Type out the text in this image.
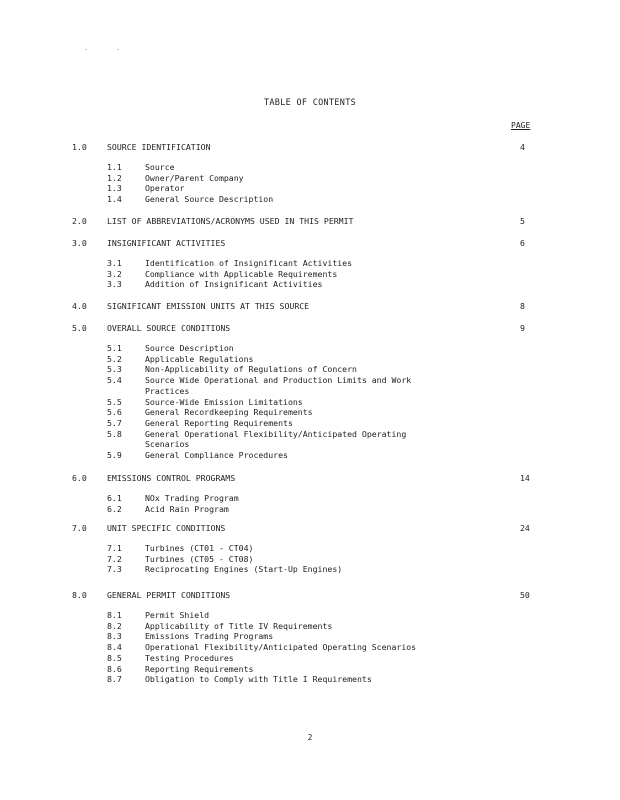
-	-
TABLE OF CONTENTS
PAGE
1.0 SOURCE IDENTIFICATION	4
1.1	Source
1.2	Owner/Parent Company
1.3	Operator
1.4	General Source Description
2.0 LIST OF ABBREVIATIONS/ACRONYMS USED IN THIS PERMIT	5
3.0 INSIGNIFICANT ACTIVITIES	6
3.1	Identification of Insignificant Activities
3.2	Compliance with Applicable Requirements
3.3	Addition of Insignificant Activities
4.0 SIGNIFICANT EMISSION UNITS AT THIS SOURCE	8
5.0 OVERALL SOURCE CONDITIONS	9
5.1	Source Description
5.2	Applicable Regulations
5.3	Non-Applicability of Regulations of Concern
5.4	Source Wide Operational and Production Limits and Work
Practices
5.5	Source-Wide Emission Limitations
5.6	General Recordkeeping Requirements
5.7	General Reporting Requirements
5.8	General Operational Flexibility/Anticipated Operating
Scenarios
5.9	General Compliance Procedures
6.0 EMISSIONS CONTROL PROGRAMS	14
6.1	NOx Trading Program
6.2	Acid Rain Program
7.0 UNIT SPECIFIC CONDITIONS	24
7.1	Turbines (CT01 - CT04)
7.2	Turbines (CT05 - CT08)
7.3	Reciprocating Engines (Start-Up Engines)
8.0 GENERAL PERMIT CONDITIONS	50
8.1	Permit Shield
8.2	Applicability of Title IV Requirements
8.3	Emissions Trading Programs
8.4	Operational Flexibility/Anticipated Operating Scenarios
8.5	Testing Procedures
8.6	Reporting Requirements
8.7	Obligation to Comply with Title I Requirements
2
